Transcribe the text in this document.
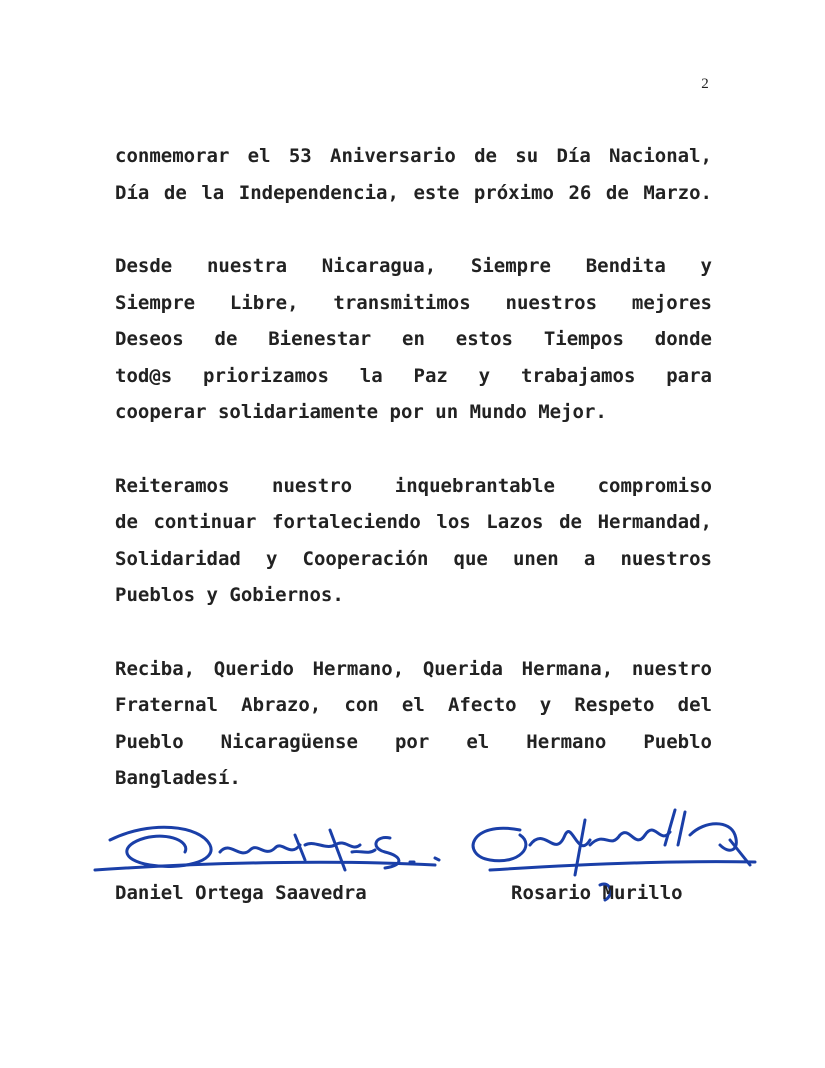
2
conmemorar el 53 Aniversario de su Día Nacional,
Día de la Independencia, este próximo 26 de Marzo.
Desde nuestra Nicaragua, Siempre Bendita y
Siempre Libre, transmitimos nuestros mejores
Deseos de Bienestar en estos Tiempos donde
tod@s priorizamos la Paz y trabajamos para
cooperar solidariamente por un Mundo Mejor.
Reiteramos nuestro inquebrantable compromiso
de continuar fortaleciendo los Lazos de Hermandad,
Solidaridad y Cooperación que unen a nuestros
Pueblos y Gobiernos.
Reciba, Querido Hermano, Querida Hermana, nuestro
Fraternal Abrazo, con el Afecto y Respeto del
Pueblo Nicaragüense por el Hermano Pueblo
Bangladesí.
Daniel Ortega Saavedra	Rosario Murillo
